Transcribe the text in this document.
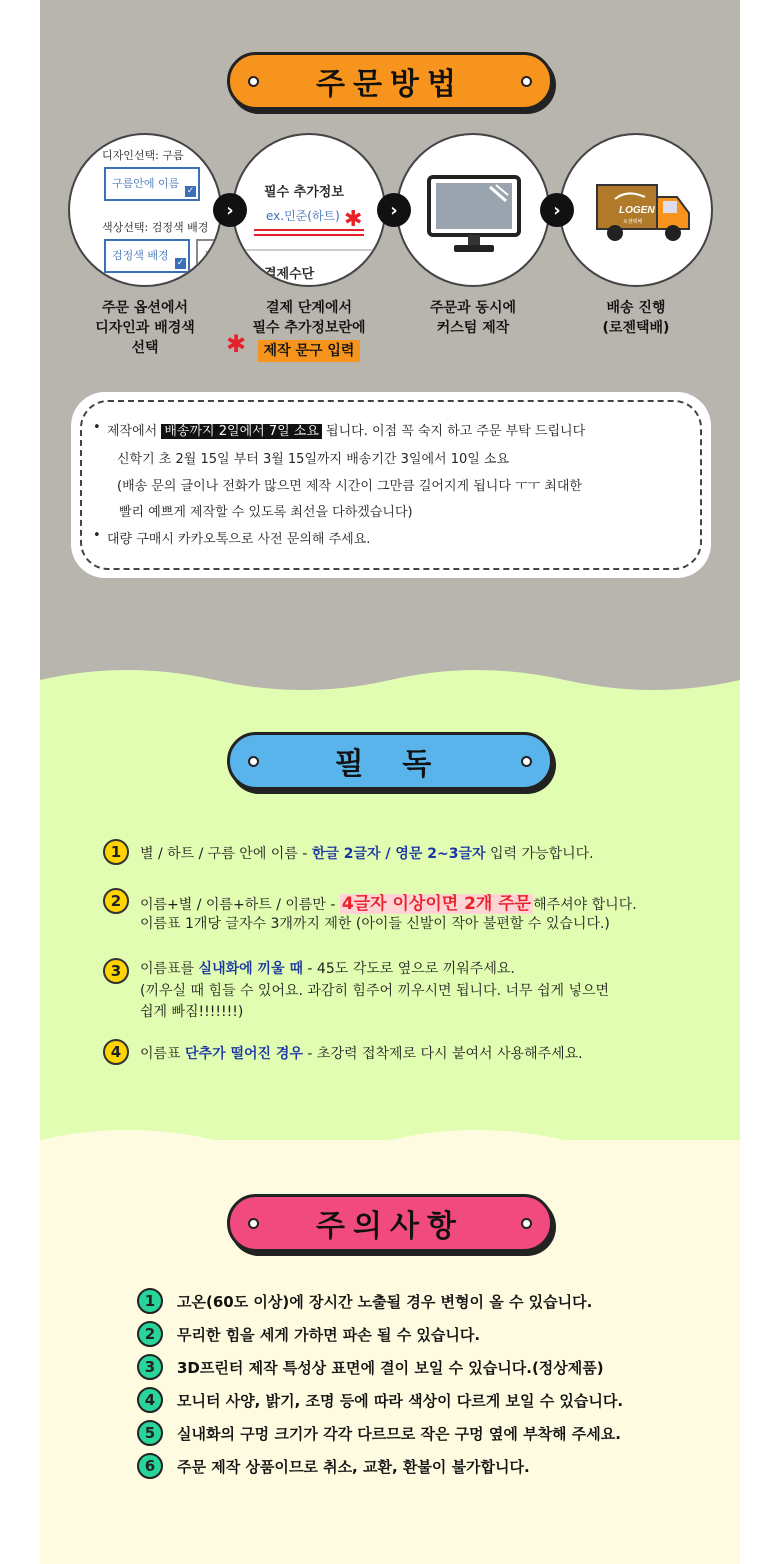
주문방법
디자인선택: 구름
구름안에 이름
✓
색상선택: 검정색 배경
검정색 배경
✓
노
›
필수 추가정보
ex.민준(하트) ✱
결제수단
›	›	LOGEN
로젠택배
주문 옵션에서
디자인과 배경색
선택
결제 단계에서
필수 추가정보란에
제작 문구 입력
✱
주문과 동시에
커스텀 제작
배송 진행
(로젠택배)

• 제작에서 배송까지 2일에서 7일 소요 됩니다. 이점 꼭 숙지 하고 주문 부탁 드립니다

신학기 초 2월 15일 부터 3월 15일까지 배송기간 3일에서 10일 소요

(배송 문의 글이나 전화가 많으면 제작 시간이 그만큼 길어지게 됩니다 ㅜㅜ 최대한

빨리 예쁘게 제작할 수 있도록 최선을 다하겠습니다)

• 대량 구매시 카카오톡으로 사전 문의해 주세요.

필 독
1	별 / 하트 / 구름 안에 이름 - 한글 2글자 / 영문 2~3글자 입력 가능합니다.
2	이름+별 / 이름+하트 / 이름만 - 4글자 이상이면 2개 주문 해주셔야 합니다.
이름표 1개당 글자수 3개까지 제한 (아이들 신발이 작아 불편할 수 있습니다.)
3	이름표를 실내화에 끼울 때 - 45도 각도로 옆으로 끼워주세요.
(끼우실 때 힘들 수 있어요. 과감히 힘주어 끼우시면 됩니다. 너무 쉽게 넣으면
쉽게 빠짐!!!!!!!)
4	이름표 단추가 떨어진 경우 - 초강력 접착제로 다시 붙여서 사용해주세요.
주의사항
1	고온(60도 이상)에 장시간 노출될 경우 변형이 올 수 있습니다.
2	무리한 힘을 세게 가하면 파손 될 수 있습니다.
3	3D프린터 제작 특성상 표면에 결이 보일 수 있습니다.(정상제품)
4	모니터 사양, 밝기, 조명 등에 따라 색상이 다르게 보일 수 있습니다.
5	실내화의 구멍 크기가 각각 다르므로 작은 구멍 옆에 부착해 주세요.
6	주문 제작 상품이므로 취소, 교환, 환불이 불가합니다.
